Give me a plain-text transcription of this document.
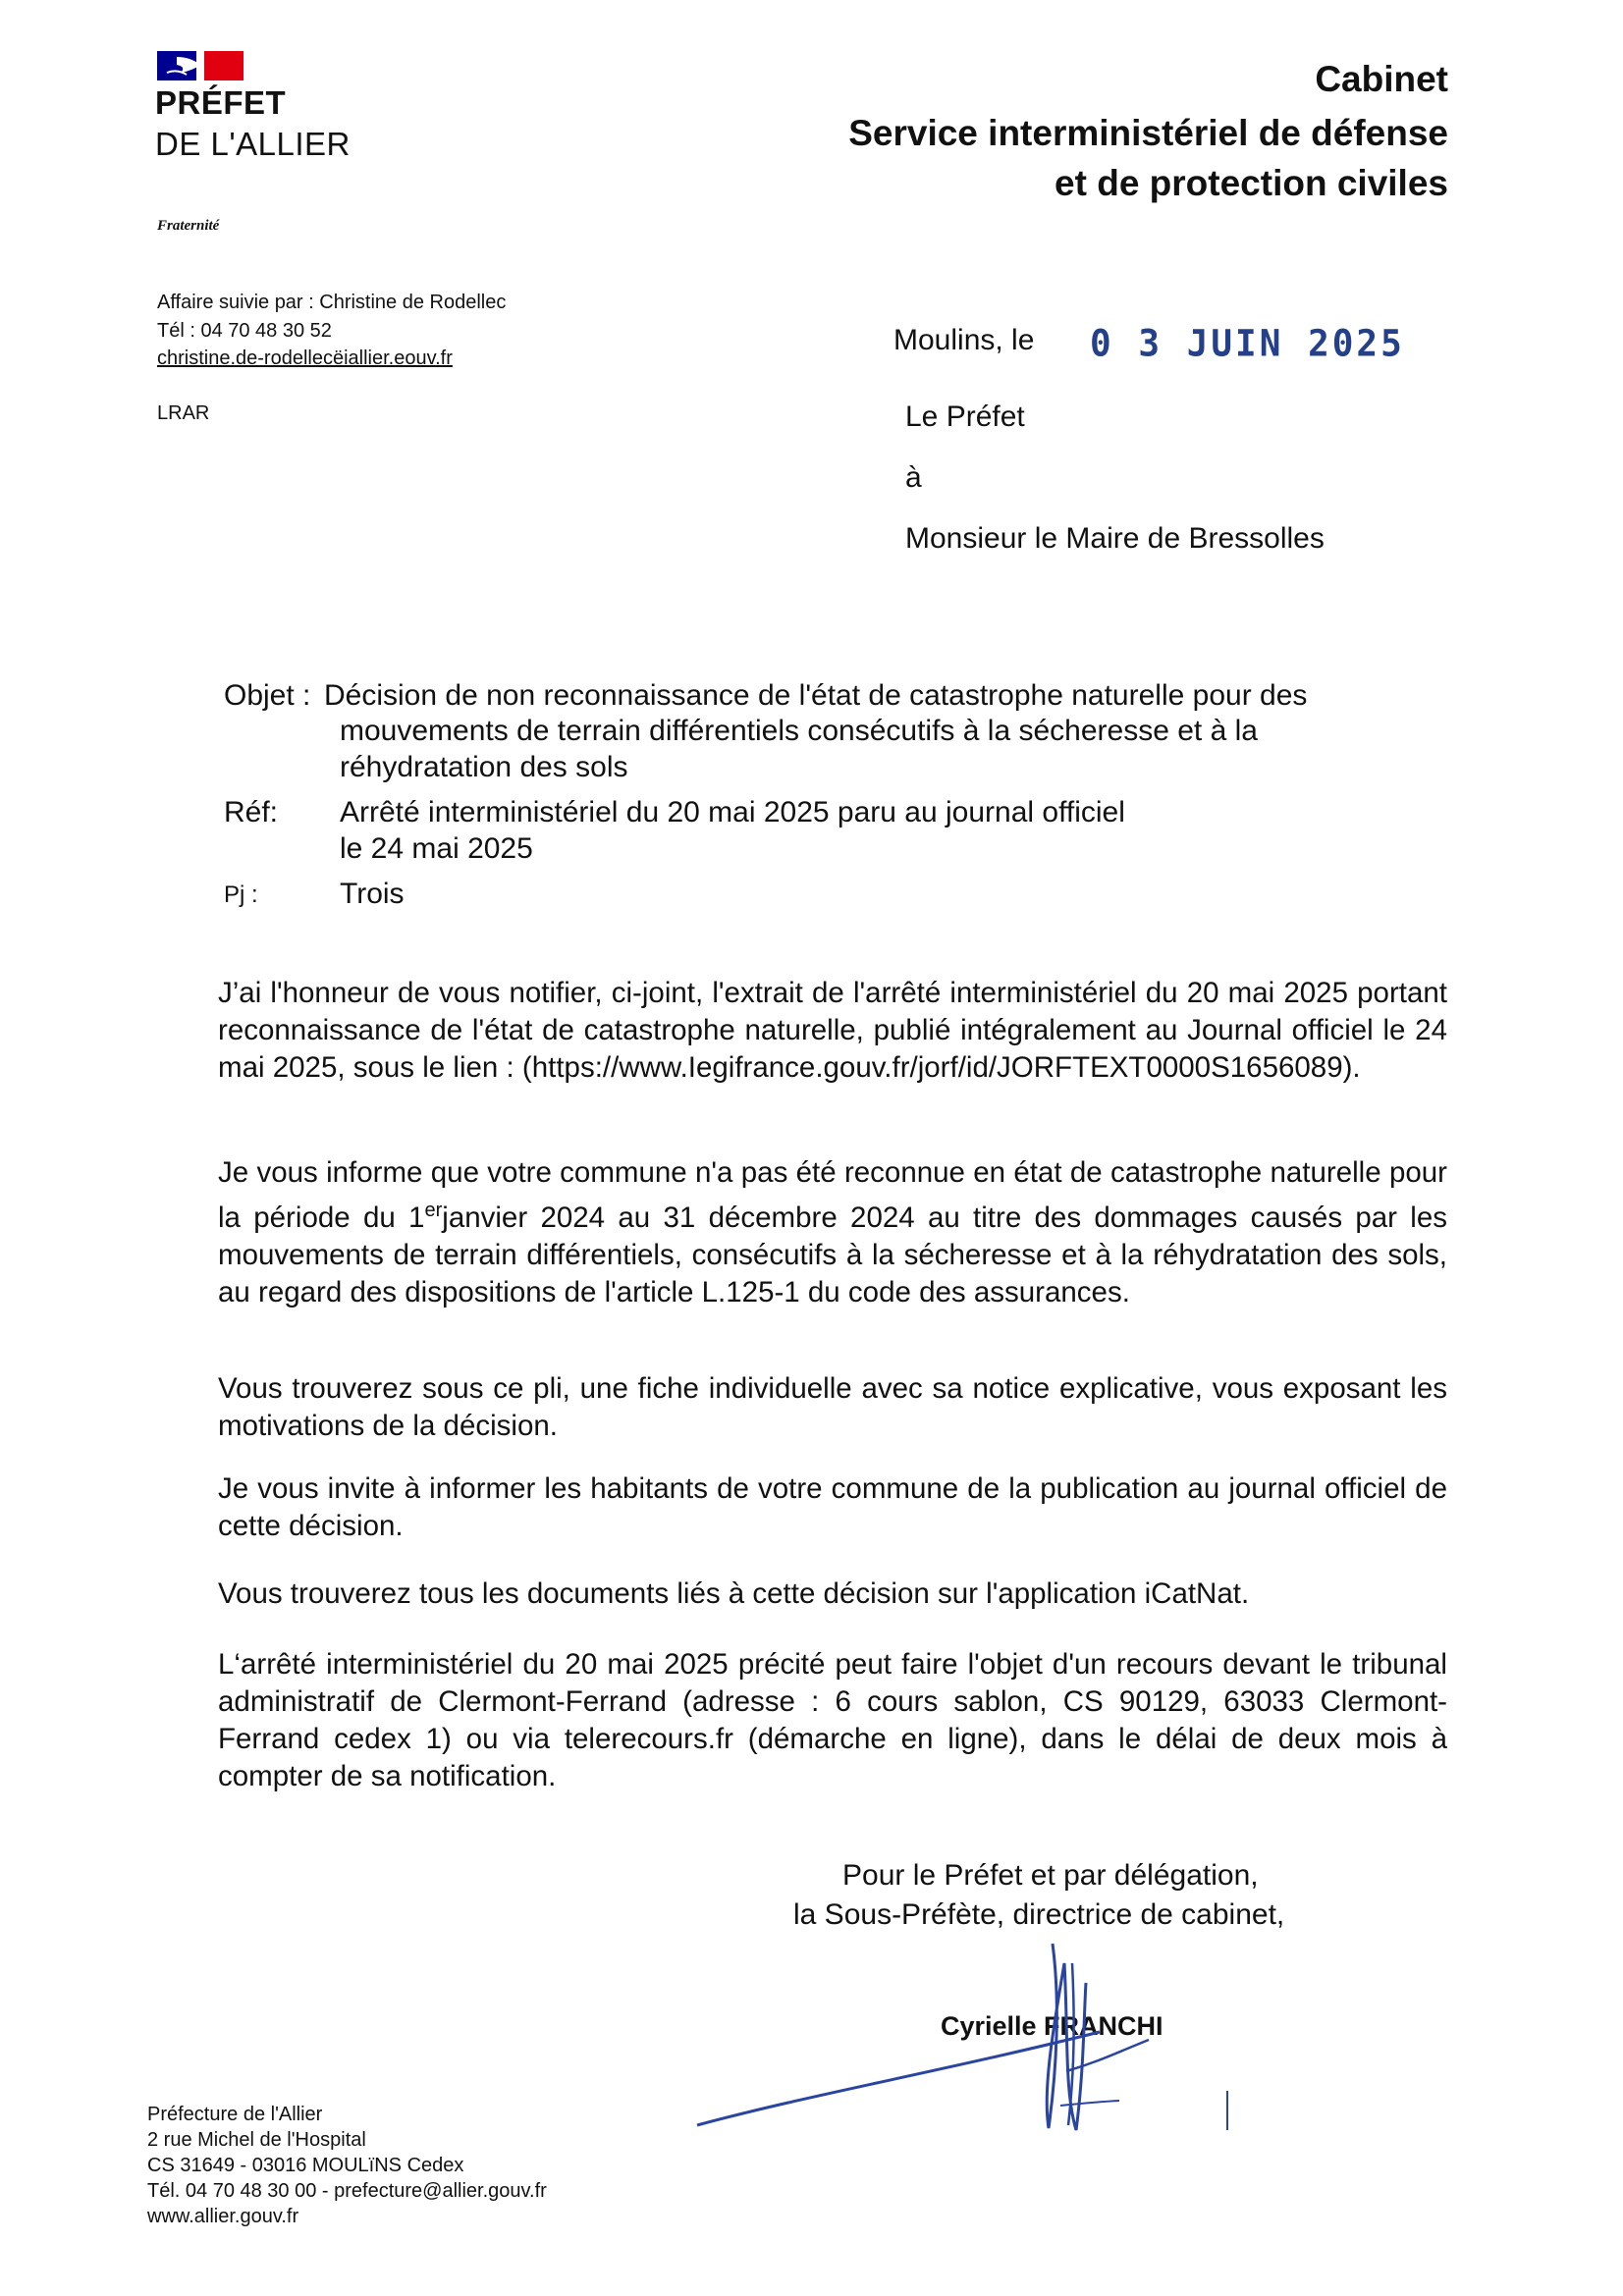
PRÉFET
DE L'ALLIER
Fraternité
Cabinet
Service interministériel de défense
et de protection civiles
Affaire suivie par : Christine de Rodellec
Tél : 04 70 48 30 52
christine.de-rodellecëiallier.eouv.fr
LRAR
Moulins, le 0 3 JUIN 2025
Le Préfet
à
Monsieur le Maire de Bressolles
Objet : Décision de non reconnaissance de l'état de catastrophe naturelle pour des
mouvements de terrain différentiels consécutifs à la sécheresse et à la
réhydratation des sols
Réf: Arrêté interministériel du 20 mai 2025 paru au journal officiel
le 24 mai 2025
Pj :	Trois
J’ai l'honneur de vous notifier, ci-joint, l'extrait de l'arrêté interministériel du 20 mai 2025 portant reconnaissance de l'état de catastrophe naturelle, publié intégralement au Journal officiel le 24 mai 2025, sous le lien : (https://www.Iegifrance.gouv.fr/jorf/id/JORFTEXT0000S1656089).
Je vous informe que votre commune n'a pas été reconnue en état de catastrophe naturelle pour la période du 1erjanvier 2024 au 31 décembre 2024 au titre des dommages causés par les mouvements de terrain différentiels, consécutifs à la sécheresse et à la réhydratation des sols, au regard des dispositions de l'article L.125-1 du code des assurances.
Vous trouverez sous ce pli, une fiche individuelle avec sa notice explicative, vous exposant les motivations de la décision.
Je vous invite à informer les habitants de votre commune de la publication au journal officiel de cette décision.
Vous trouverez tous les documents liés à cette décision sur l'application iCatNat.
L‘arrêté interministériel du 20 mai 2025 précité peut faire l'objet d'un recours devant le tribunal administratif de Clermont-Ferrand (adresse : 6 cours sablon, CS 90129, 63033 Clermont-Ferrand cedex 1) ou via telerecours.fr (démarche en ligne), dans le délai de deux mois à compter de sa notification.
Pour le Préfet et par délégation,
la Sous-Préfète, directrice de cabinet,
Cyrielle FRANCHI
Préfecture de l'Allier
2 rue Michel de l'Hospital
CS 31649 - 03016 MOULïNS Cedex
Tél. 04 70 48 30 00 - prefecture@allier.gouv.fr
www.allier.gouv.fr
